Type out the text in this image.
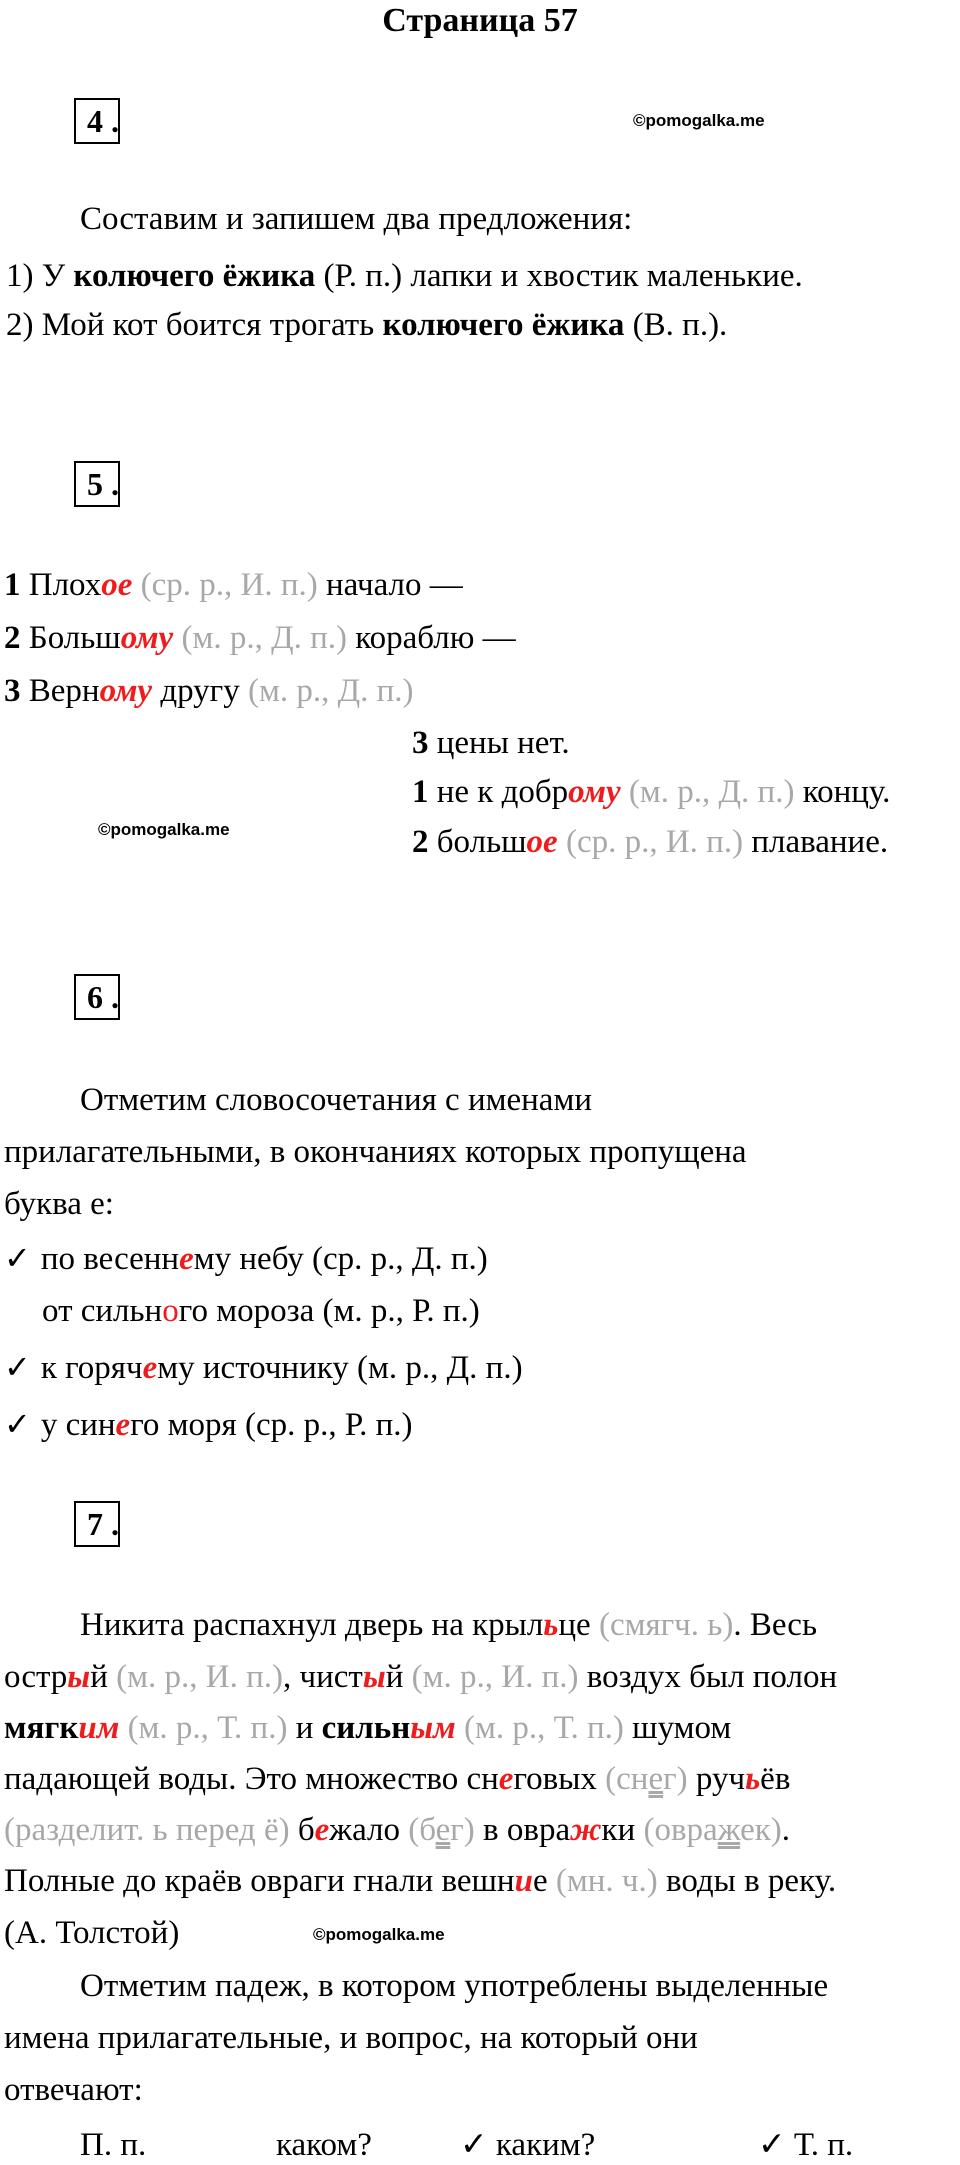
Страница 57
4 .	©pomogalka.me
Составим и запишем два предложения:
1) У колючего ёжика (Р. п.) лапки и хвостик маленькие.
2) Мой кот боится трогать колючего ёжика (В. п.).
5 .
1 Плохое (ср. р., И. п.) начало —
2 Большому (м. р., Д. п.) кораблю —
3 Верному другу (м. р., Д. п.)
3 цены нет.
1 не к доброму (м. р., Д. п.) концу.
2 большое (ср. р., И. п.) плавание.
©pomogalka.me
6 .
Отметим словосочетания с именами
прилагательными, в окончаниях которых пропущена
буква е:
✓ по весеннему небу (ср. р., Д. п.)
от сильного мороза (м. р., Р. п.)
✓ к горячему источнику (м. р., Д. п.)
✓ у синего моря (ср. р., Р. п.)
7 .
Никита распахнул дверь на крыльце (смягч. ь). Весь
острый (м. р., И. п.), чистый (м. р., И. п.) воздух был полон
мягким (м. р., Т. п.) и сильным (м. р., Т. п.) шумом
падающей воды. Это множество снеговых (снег) ручьёв
(разделит. ь перед ё) бежало (бег) в овражки (овражек).
Полные до краёв овраги гнали вешние (мн. ч.) воды в реку.
(А. Толстой)	©pomogalka.me
Отметим падеж, в котором употреблены выделенные
имена прилагательные, и вопрос, на который они
отвечают:
П. п.	каком?	✓ каким?	✓ Т. п.
